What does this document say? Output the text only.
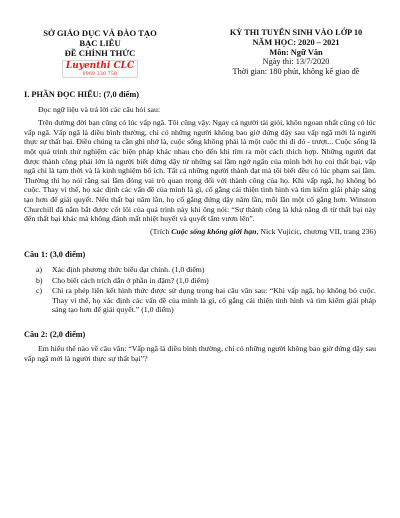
SỞ GIÁO DỤC VÀ ĐÀO TẠO
BẠC LIÊU
ĐỀ CHÍNH THỨC
Luyenthi CLC
0969 330 758
KỲ THI TUYỂN SINH VÀO LỚP 10
NĂM HỌC: 2020 – 2021
Môn: Ngữ Văn
Ngày thi: 13/7/2020
Thời gian: 180 phút, không kể giao đề
I. PHẦN ĐỌC HIỂU: (7,0 điểm)

Đọc ngữ liệu và trả lời các câu hỏi sau:

Trên đường đời bạn cũng có lúc vấp ngã. Tôi cũng vậy. Ngay cả người tài giỏi, khôn ngoan nhất cũng có lúc vấp ngã. Vấp ngã là điều bình thường, chỉ có những người không bao giờ đứng dậy sau vấp ngã mới là người thực sự thất bại. Điều chúng ta cần ghi nhớ là, cuộc sống không phải là một cuộc thi đi đó - trượt... Cuộc sống là một quá trình thử nghiệm các biện pháp khác nhau cho đến khi tìm ra một cách thích hợp. Những người đạt được thành công phải lớn là người biết đứng dậy từ những sai lầm ngớ ngẩn của mình bởi họ coi thất bại, vấp ngã chỉ là tạm thời và là kinh nghiệm bổ ích. Tất cả những người thành đạt mà tôi biết đều có lúc phạm sai lầm. Thường thì họ nói rằng sai lầm đóng vai trò quan trọng đối với thành công của họ. Khi vấp ngã, họ không bỏ cuộc. Thay vì thế, họ xác định các vấn đề của mình là gì, cố gắng cải thiện tình hình và tìm kiếm giải pháp sáng tạo hơn để giải quyết. Nếu thất bại năm lần, họ cố gắng đứng dậy năm lần, mỗi lần một cố gắng hơn. Winston Churchill đã nắm bắt được cốt lõi của quá trình này khi ông nói: “Sự thành công là khả năng đi từ thất bại này đến thất bại khác mà không đánh mất nhiệt huyết và quyết tâm vươn lên”.

(Trích Cuộc sống không giới hạn, Nick Vujicic, chương VII, trang 236)
Câu 1: (3,0 điểm)
a)	Xác định phương thức biểu đạt chính. (1,0 điểm)
b)	Cho biết cách trích dẫn ở phần in đậm? (1,0 điểm)
c)	Chỉ ra phép liên kết hình thức được sử dụng trong hai câu văn sau: “Khi vấp ngã, họ không bỏ cuộc. Thay vì thế, họ xác định các vấn đề của mình là gì, cố gắng cải thiện tình hình và tìm kiếm giải pháp sáng tạo hơn để giải quyết.” (1,0 điểm)
Câu 2: (2,0 điểm)

Em hiểu thế nào về câu văn: “Vấp ngã là điều bình thường, chỉ có những người không bao giờ đứng dậy sau vấp ngã mới là người thực sự thất bại”?
